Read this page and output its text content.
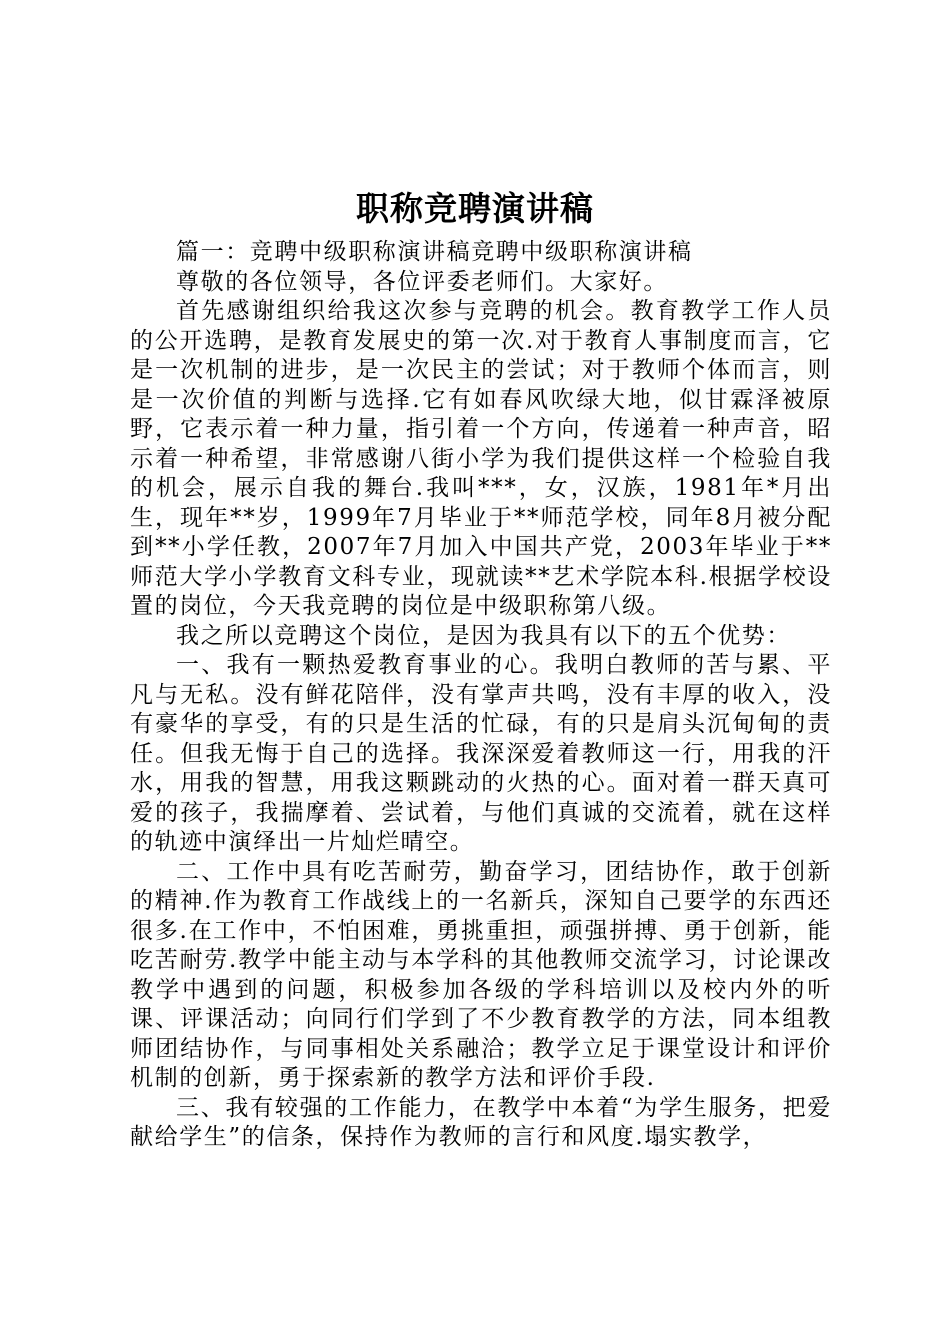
职称竞聘演讲稿

篇一：竞聘中级职称演讲稿竞聘中级职称演讲稿

尊敬的各位领导，各位评委老师们。大家好。

首先感谢组织给我这次参与竞聘的机会。教育教学工作人员的公开选聘，是教育发展史的第一次.对于教育人事制度而言，它是一次机制的进步，是一次民主的尝试；对于教师个体而言，则是一次价值的判断与选择.它有如春风吹绿大地，似甘霖泽被原野，它表示着一种力量，指引着一个方向，传递着一种声音，昭示着一种希望，非常感谢八街小学为我们提供这样一个检验自我的机会，展示自我的舞台.我叫***，女，汉族，1981年*月出生，现年**岁，1999年7月毕业于**师范学校，同年8月被分配到**小学任教，2007年7月加入中国共产党，2003年毕业于**师范大学小学教育文科专业，现就读**艺术学院本科.根据学校设置的岗位，今天我竞聘的岗位是中级职称第八级。

我之所以竞聘这个岗位，是因为我具有以下的五个优势：

一、我有一颗热爱教育事业的心。我明白教师的苦与累、平凡与无私。没有鲜花陪伴，没有掌声共鸣，没有丰厚的收入，没有豪华的享受，有的只是生活的忙碌，有的只是肩头沉甸甸的责任。但我无悔于自己的选择。我深深爱着教师这一行，用我的汗水，用我的智慧，用我这颗跳动的火热的心。面对着一群天真可爱的孩子，我揣摩着、尝试着，与他们真诚的交流着，就在这样的轨迹中演绎出一片灿烂晴空。

二、工作中具有吃苦耐劳，勤奋学习，团结协作，敢于创新的精神.作为教育工作战线上的一名新兵，深知自己要学的东西还很多.在工作中，不怕困难，勇挑重担，顽强拼搏、勇于创新，能吃苦耐劳.教学中能主动与本学科的其他教师交流学习，讨论课改教学中遇到的问题，积极参加各级的学科培训以及校内外的听课、评课活动；向同行们学到了不少教育教学的方法，同本组教师团结协作，与同事相处关系融洽；教学立足于课堂设计和评价机制的创新，勇于探索新的教学方法和评价手段.

三、我有较强的工作能力，在教学中本着“为学生服务，把爱献给学生”的信条，保持作为教师的言行和风度.塌实教学，
